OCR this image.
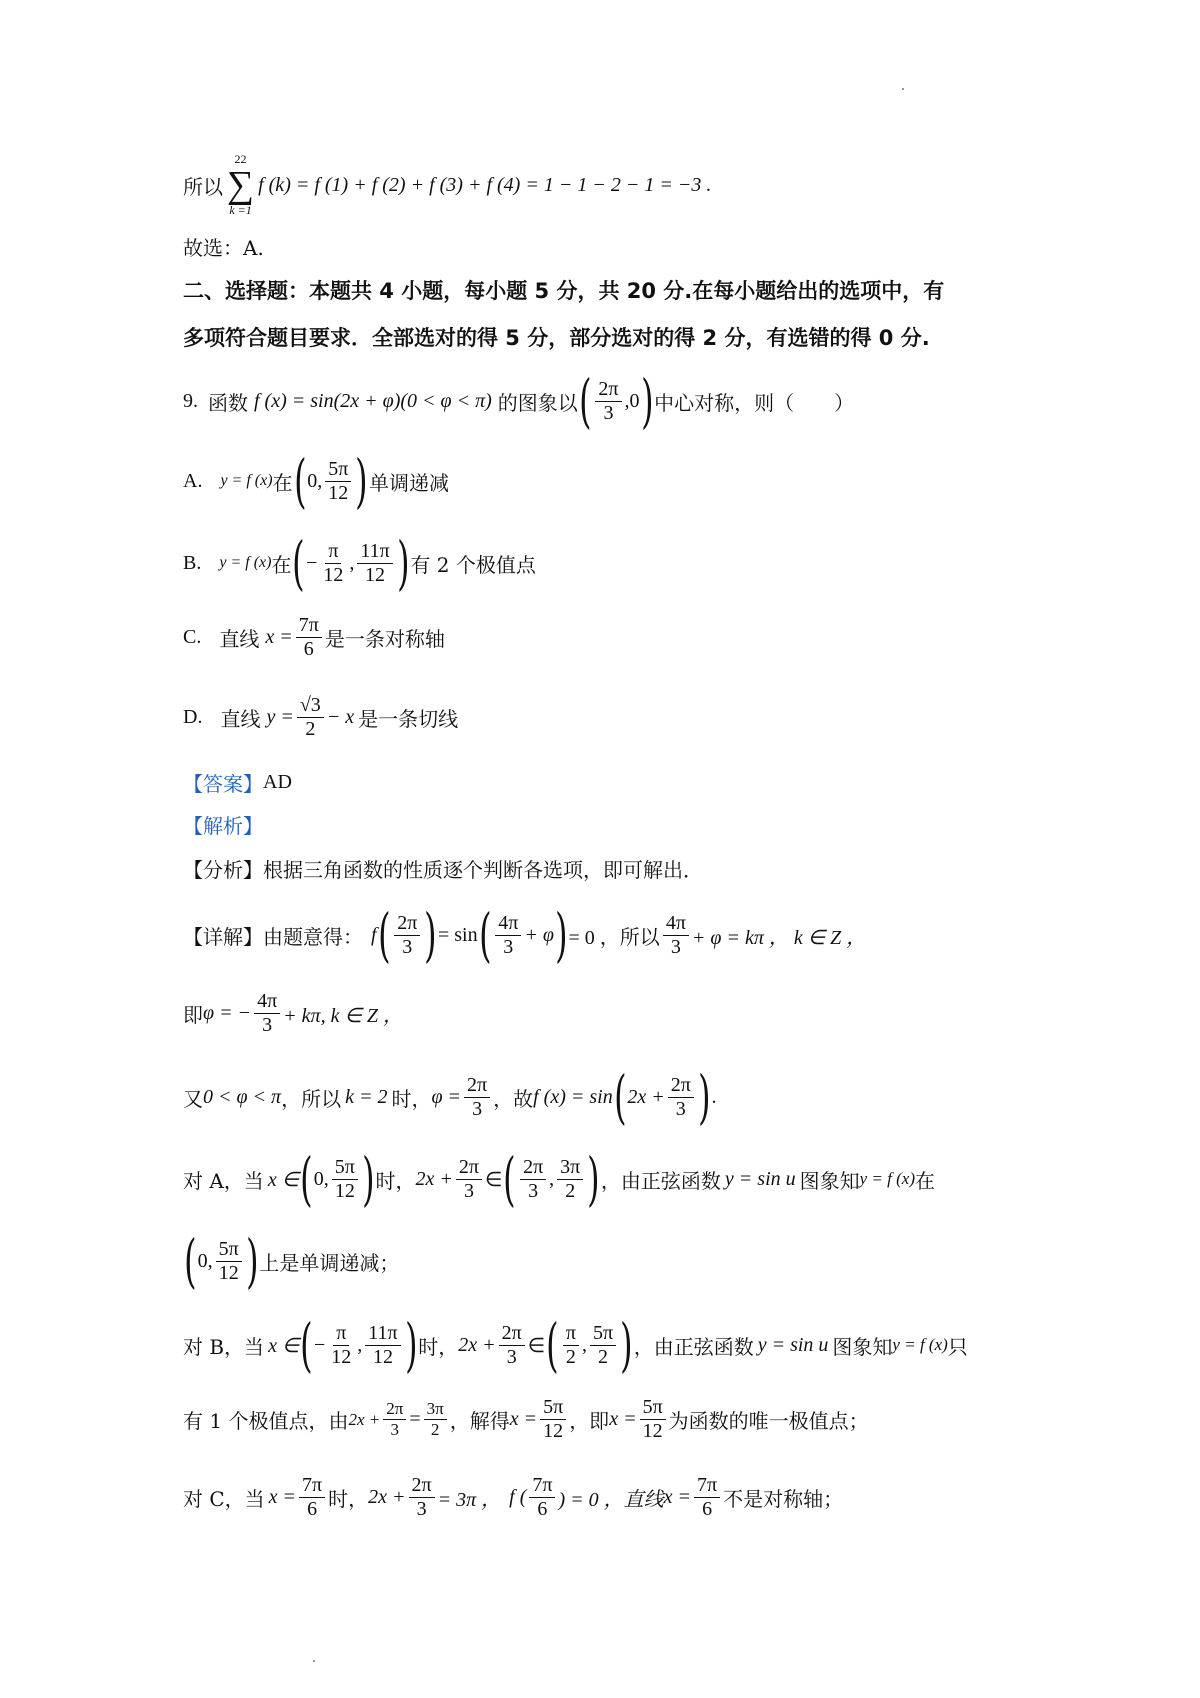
所以
22
∑
k =1
f (k) = f (1) + f (2) + f (3) + f (4) = 1 − 1 − 2 − 1 = −3 .
故选：A.
二、选择题：本题共 4 小题，每小题 5 分，共 20 分.在每小题给出的选项中，有
多项符合题目要求．全部选对的得 5 分，部分选对的得 2 分，有选错的得 0 分.
9. 函数 f (x) = sin(2x + φ)(0 < φ < π) 的图象以 ( $\frac{2\pi}{3} ,0$ ) 中心对称，则（　　）
A. y = f (x) 在 ( 0, $\frac{5\pi}{12}$ ) 单调递减
B. y = f (x) 在 ( − $\frac{\pi}{12}$ , $\frac{11\pi}{12}$ ) 有 2 个极值点
C. 直线 $x = \frac{7\pi}{6}$ 是一条对称轴
D. 直线 $y = \frac{√3}{2} - x$ 是一条切线
【答案】 AD
【解析】
【分析】根据三角函数的性质逐个判断各选项，即可解出．
【详解】由题意得： f ( $\frac{2\pi}{3}$ ) = sin ( $\frac{4\pi}{3} + \varphi$ ) = 0 ，所以 $\frac{4\pi}{3} + \varphi = k\pi$ ， k ∈ Z ，
即 φ = − $\frac{4\pi}{3} + k\pi$, k ∈ Z ，
又 0 < φ < π ，所以 k = 2 时， $\varphi = \frac{2\pi}{3}$ ，故 f (x) = sin ( $2x + \frac{2\pi}{3}$ ) .
对 A，当 x ∈ ( 0, $\frac{5\pi}{12}$ ) 时， $2x + \frac{2\pi}{3}$ ∈ ( $\frac{2\pi}{3}$ , $\frac{3\pi}{2}$ ) ，由正弦函数 y = sin u 图象知 y = f (x) 在
( 0, $\frac{5\pi}{12}$ ) 上是单调递减；
对 B，当 x ∈ ( − $\frac{\pi}{12}$ , $\frac{11\pi}{12}$ ) 时， $2x + \frac{2\pi}{3}$ ∈ ( $\frac{\pi}{2}$ , $\frac{5\pi}{2}$ ) ，由正弦函数 y = sin u 图象知 y = f (x) 只
有 1 个极值点，由 $2x + \frac{2\pi}{3} = \frac{3\pi}{2}$ ，解得 $x = \frac{5\pi}{12}$ ，即 $x = \frac{5\pi}{12}$ 为函数的唯一极值点；
对 C，当 $x = \frac{7\pi}{6}$ 时， $2x + \frac{2\pi}{3} = 3\pi$ ， f ( $\frac{7\pi}{6}$ ) = 0 ，直线 $x = \frac{7\pi}{6}$ 不是对称轴；
